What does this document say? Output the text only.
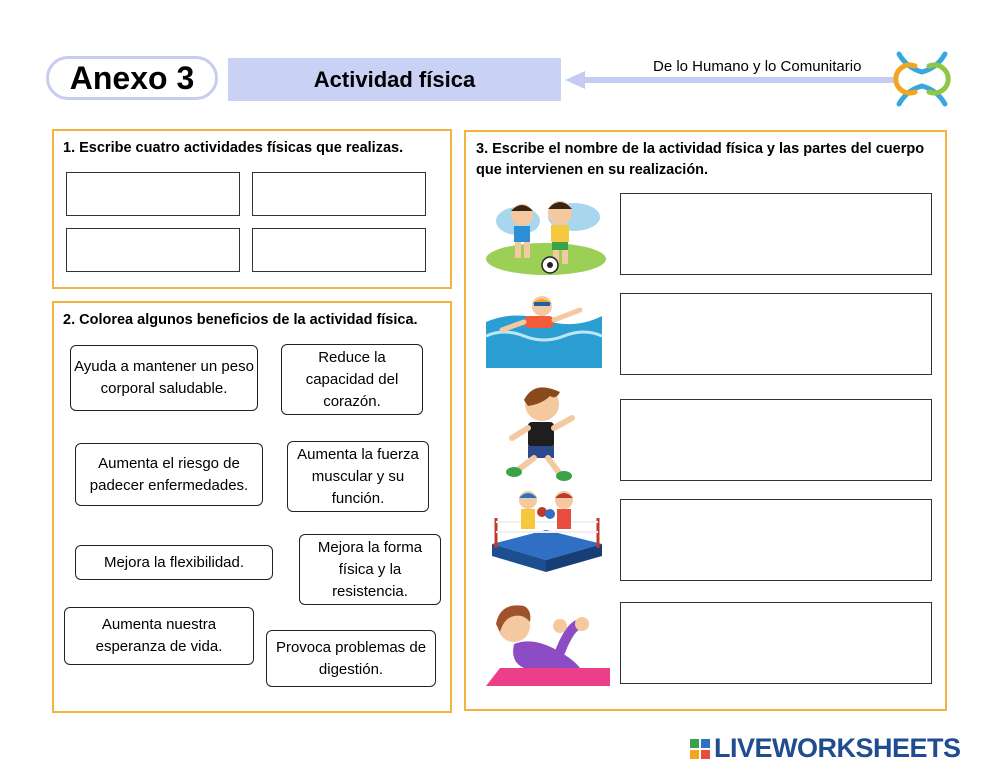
Anexo 3	Actividad física	De lo Humano y lo Comunitario
1. Escribe cuatro actividades físicas que realizas.
2. Colorea algunos beneficios de la actividad física.
Ayuda a mantener un peso corporal saludable.
Reduce la capacidad del corazón.
Aumenta el riesgo de padecer enfermedades.
Aumenta la fuerza muscular y su función.
Mejora la flexibilidad.
Mejora la forma física y la resistencia.
Aumenta nuestra esperanza de vida.	Provoca problemas de digestión.
3. Escribe el nombre de la actividad física y las partes del cuerpo que intervienen en su realización.
LIVEWORKSHEETS
